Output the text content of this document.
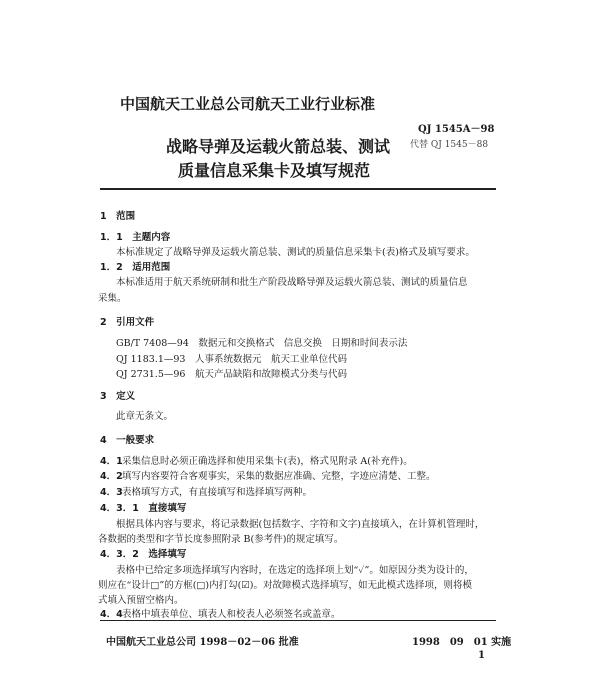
中国航天工业总公司航天工业行业标准
战略导弹及运载火箭总装、测试
质量信息采集卡及填写规范
QJ 1545A－98
代替 QJ 1545－88
1　范围
1．1　主题内容
本标准规定了战略导弹及运载火箭总装、测试的质量信息采集卡(表)格式及填写要求。
1．2　适用范围
本标准适用于航天系统研制和批生产阶段战略导弹及运载火箭总装、测试的质量信息
采集。
2　引用文件
GB/T 7408—94　数据元和交换格式　信息交换　日期和时间表示法
QJ 1183.1—93　人事系统数据元　航天工业单位代码
QJ 2731.5—96　航天产品缺陷和故障模式分类与代码
3　定义
此章无条文。
4　一般要求
4．1采集信息时必须正确选择和使用采集卡(表)，格式见附录 A(补充件)。
4．2填写内容要符合客观事实，采集的数据应准确、完整，字迹应清楚、工整。
4．3表格填写方式，有直接填写和选择填写两种。
4．3．1　直接填写
根据具体内容与要求，将记录数据(包括数字、字符和文字)直接填入，在计算机管理时，
各数据的类型和字节长度参照附录 B(参考件)的规定填写。
4．3．2　选择填写
表格中已给定多项选择填写内容时，在选定的选择项上划“✓”。如原因分类为设计的，
则应在“设计□”的方框(□)内打勾(☑)。对故障模式选择填写，如无此模式选择项，则将模
式填入预留空格内。
4．4表格中填表单位、填表人和校表人必须签名或盖章。
中国航天工业总公司 1998－02－06 批准	1998　09　01 实施
1
